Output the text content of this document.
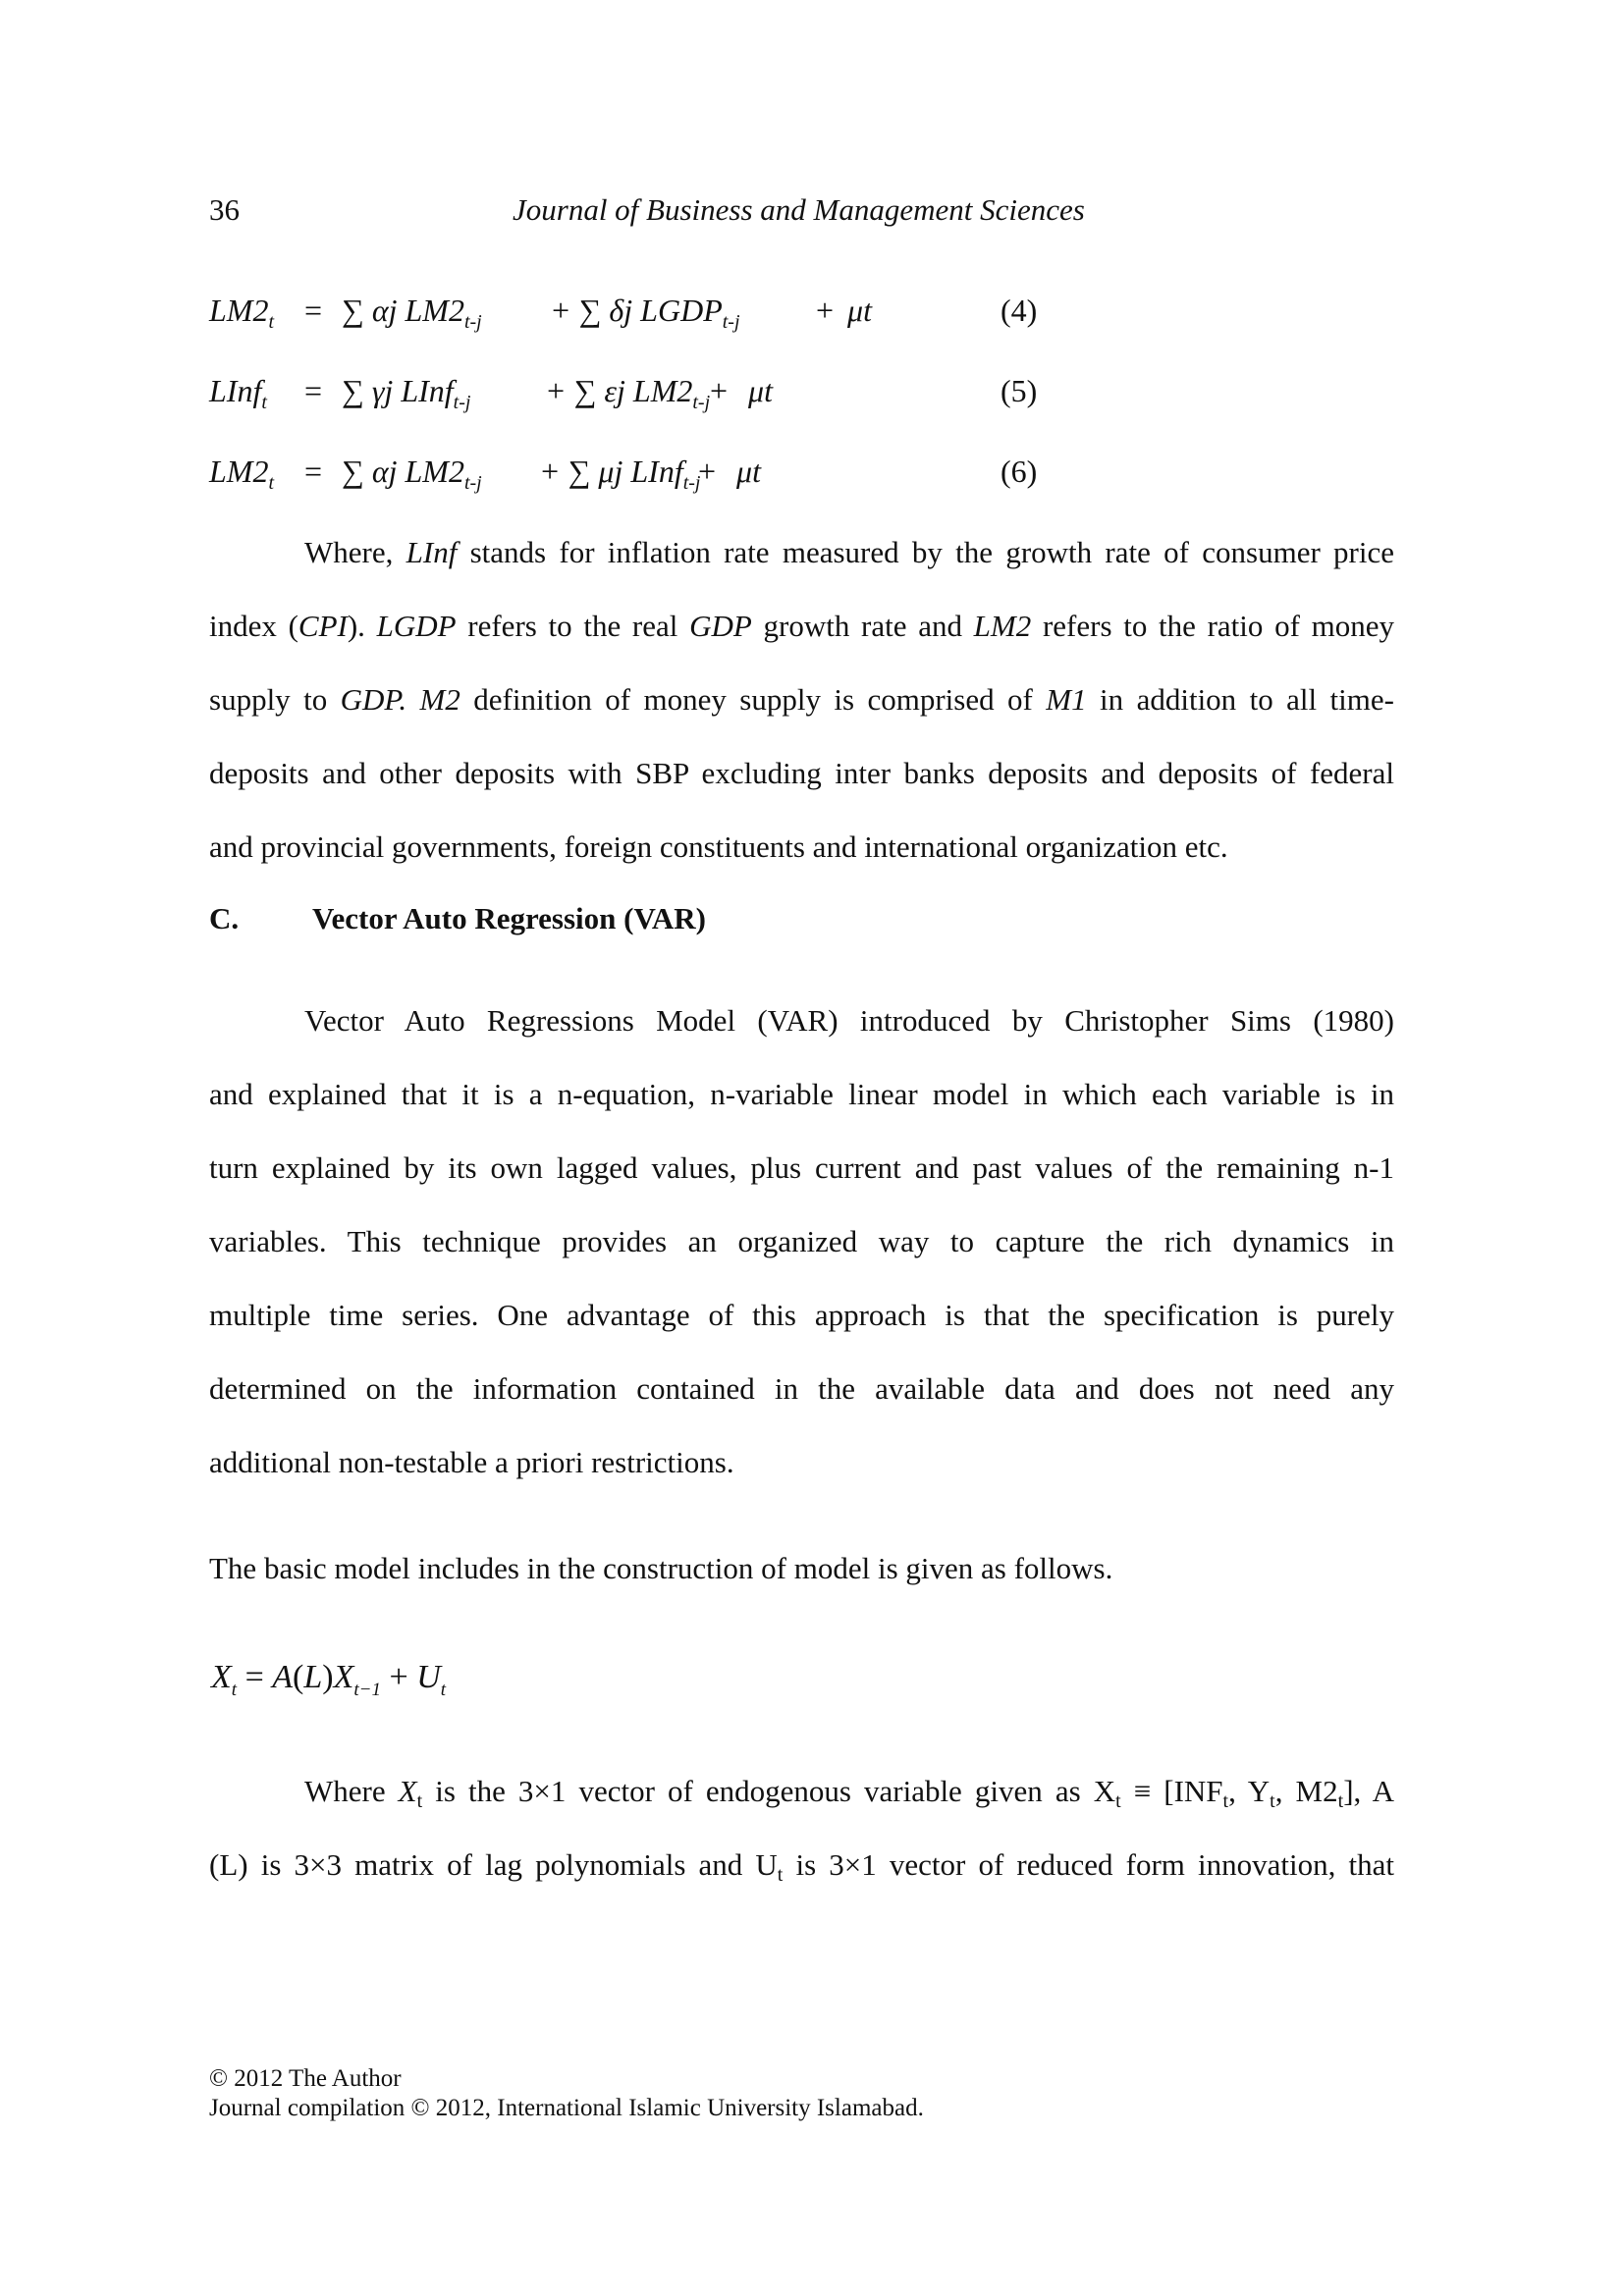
36	Journal of Business and Management Sciences
$LM2_t$ = ∑ αj $LM2_{t-j}$ + ∑ δj $LGDP_{t-j} + \mu t$	(4)
LInf$_t$ = ∑ γj LInf$_{t-j}$ + ∑ εj $LM2_{t-j} + \mu t$	(5)
$LM2_t$ = ∑ αj $LM2_{t-j}$ + ∑ μj LInf$_{t-j}$
+ μt	(6)
Where, LInf stands for inflation rate measured by the growth rate of consumer price
index (CPI). LGDP refers to the real GDP growth rate and LM2 refers to the ratio of money
supply to GDP. M2 definition of money supply is comprised of M1 in addition to all time-
deposits and other deposits with SBP excluding inter banks deposits and deposits of federal
and provincial governments, foreign constituents and international organization etc.
C. Vector Auto Regression (VAR)
Vector Auto Regressions Model (VAR) introduced by Christopher Sims (1980)
and explained that it is a n-equation, n-variable linear model in which each variable is in
turn explained by its own lagged values, plus current and past values of the remaining n-1
variables. This technique provides an organized way to capture the rich dynamics in
multiple time series. One advantage of this approach is that the specification is purely
determined on the information contained in the available data and does not need any
additional non-testable a priori restrictions.
The basic model includes in the construction of model is given as follows.
$X_t = A(L)X_{t-1} + U_t$
Where $X_t$ is the 3×1 vector of endogenous variable given as $X_t \equiv [INF_t$, $Y_t$, $M2_t$], A
(L) is 3×3 matrix of lag polynomials and $U_t$ is 3×1 vector of reduced form innovation, that
© 2012 The Author
Journal compilation © 2012, International Islamic University Islamabad.
